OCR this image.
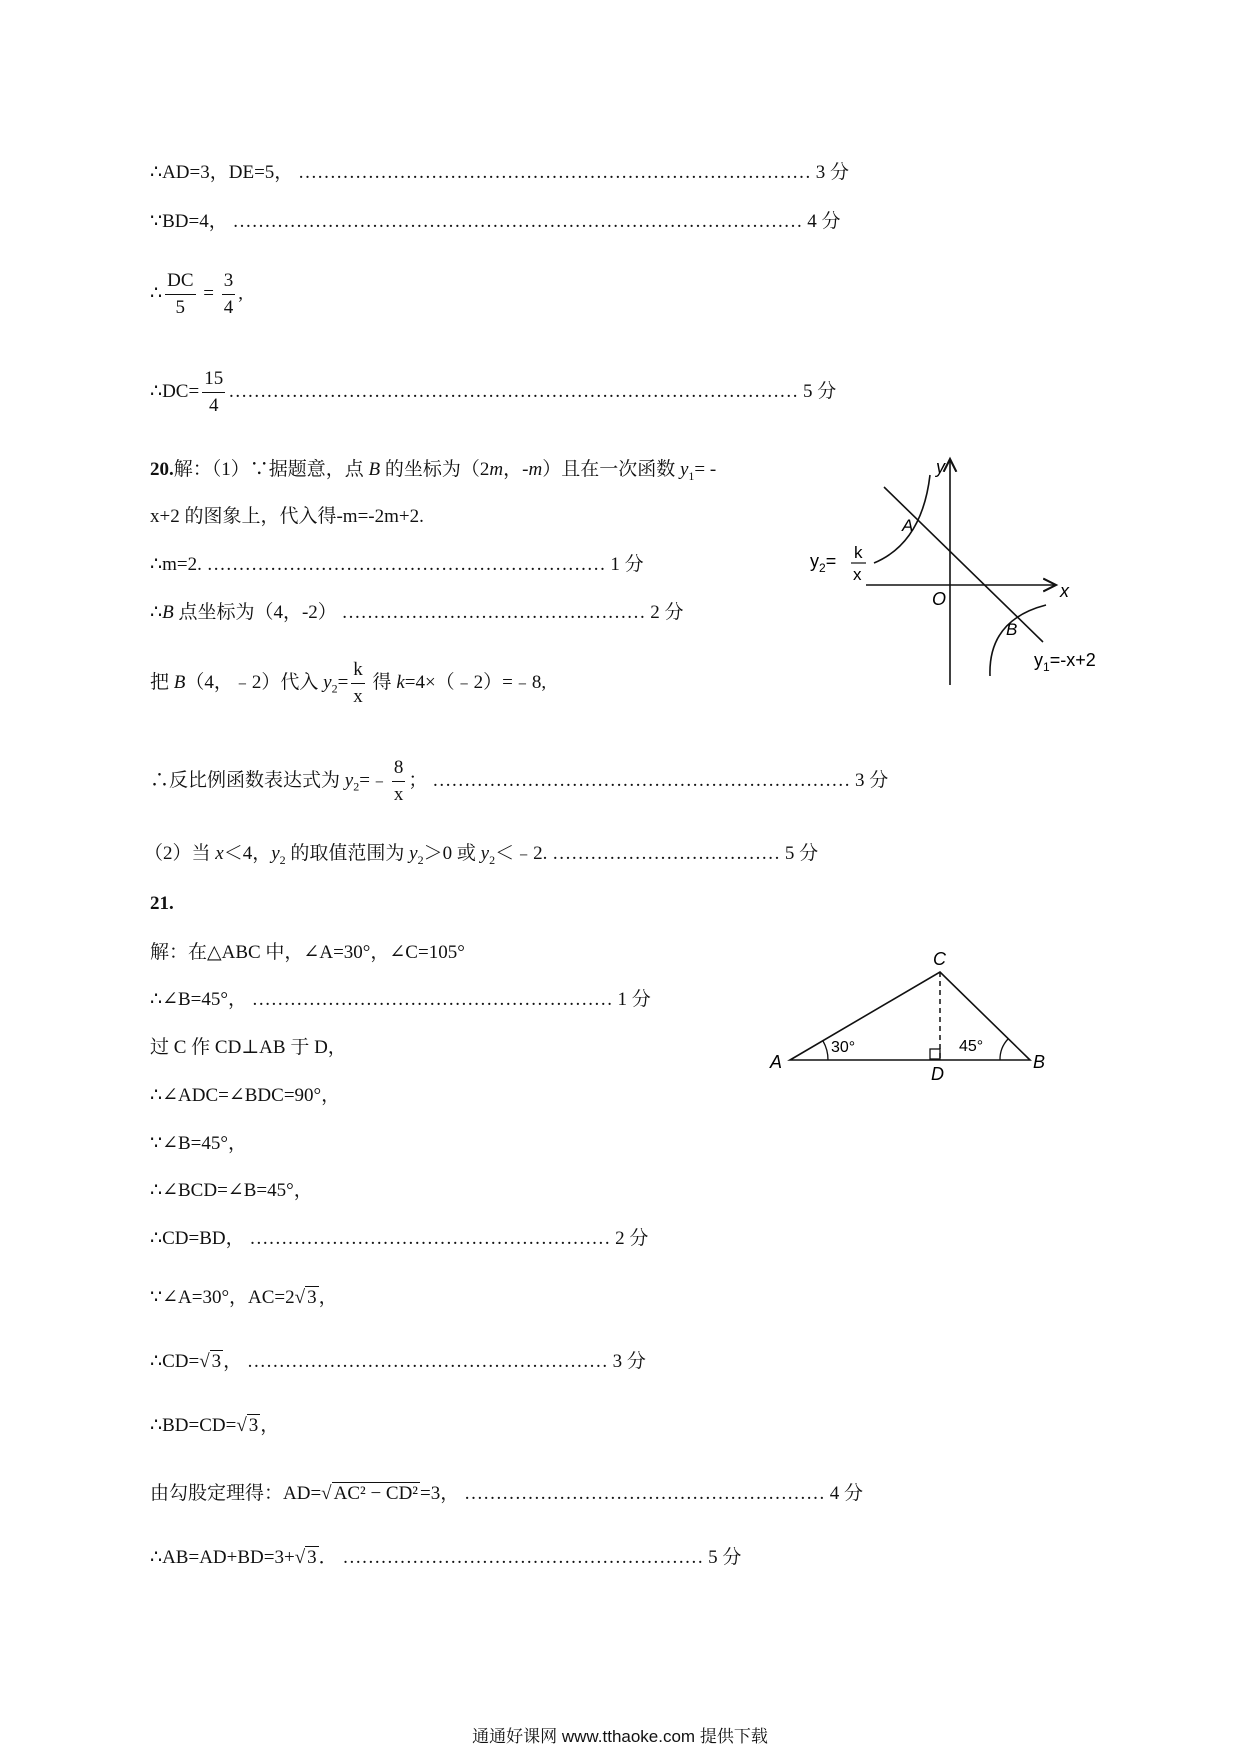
∴AD=3，DE=5， ……………………………………………………………………… 3 分
∵BD=4， ……………………………………………………………………………… 4 分
∴ $\frac{DC}{5} = \frac{3}{4}$ ,
∴DC= $\frac{15}{4}$ ……………………………………………………………………………… 5 分
20.解：（1）∵据题意，点 B 的坐标为（2m，-m）且在一次函数 $y_1=$ -
x+2 的图象上，代入得-m=-2m+2.
∴m=2. ……………………………………………………… 1 分
∴B 点坐标为（4，-2） ………………………………………… 2 分
把 B（4，﹣2）代入 $y_2= \frac{k}{x}$ 得 k=4×（﹣2）=﹣8,
∴反比例函数表达式为 $y_2=﹣ \frac{8}{x}$ ； ………………………………………………………… 3 分
（2）当 x＜4，$y_2$ 的取值范围为 $y_2>0$ 或 $y_2<﹣2$. ……………………………… 5 分
y
x
O
A
B
$y_2= k$
x
$y_1=-x+2$
21.
解：在△ABC 中，∠A=30°，∠C=105°
∴∠B=45°， ………………………………………………… 1 分
过 C 作 CD⊥AB 于 D，
∴∠ADC=∠BDC=90°，
∵∠B=45°，
∴∠BCD=∠B=45°，
∴CD=BD， ………………………………………………… 2 分
∵∠A=30°，AC=2√ 3 ，
∴CD=√ 3 ， ………………………………………………… 3 分
∴BD=CD=√ 3 ，
由勾股定理得：AD=√ AC² − CD² =3， ………………………………………………… 4 分
∴AB=AD+BD=3+√ 3 ． ………………………………………………… 5 分
A	B
C
D
30°	45°
通通好课网 www.tthaoke.com 提供下载
